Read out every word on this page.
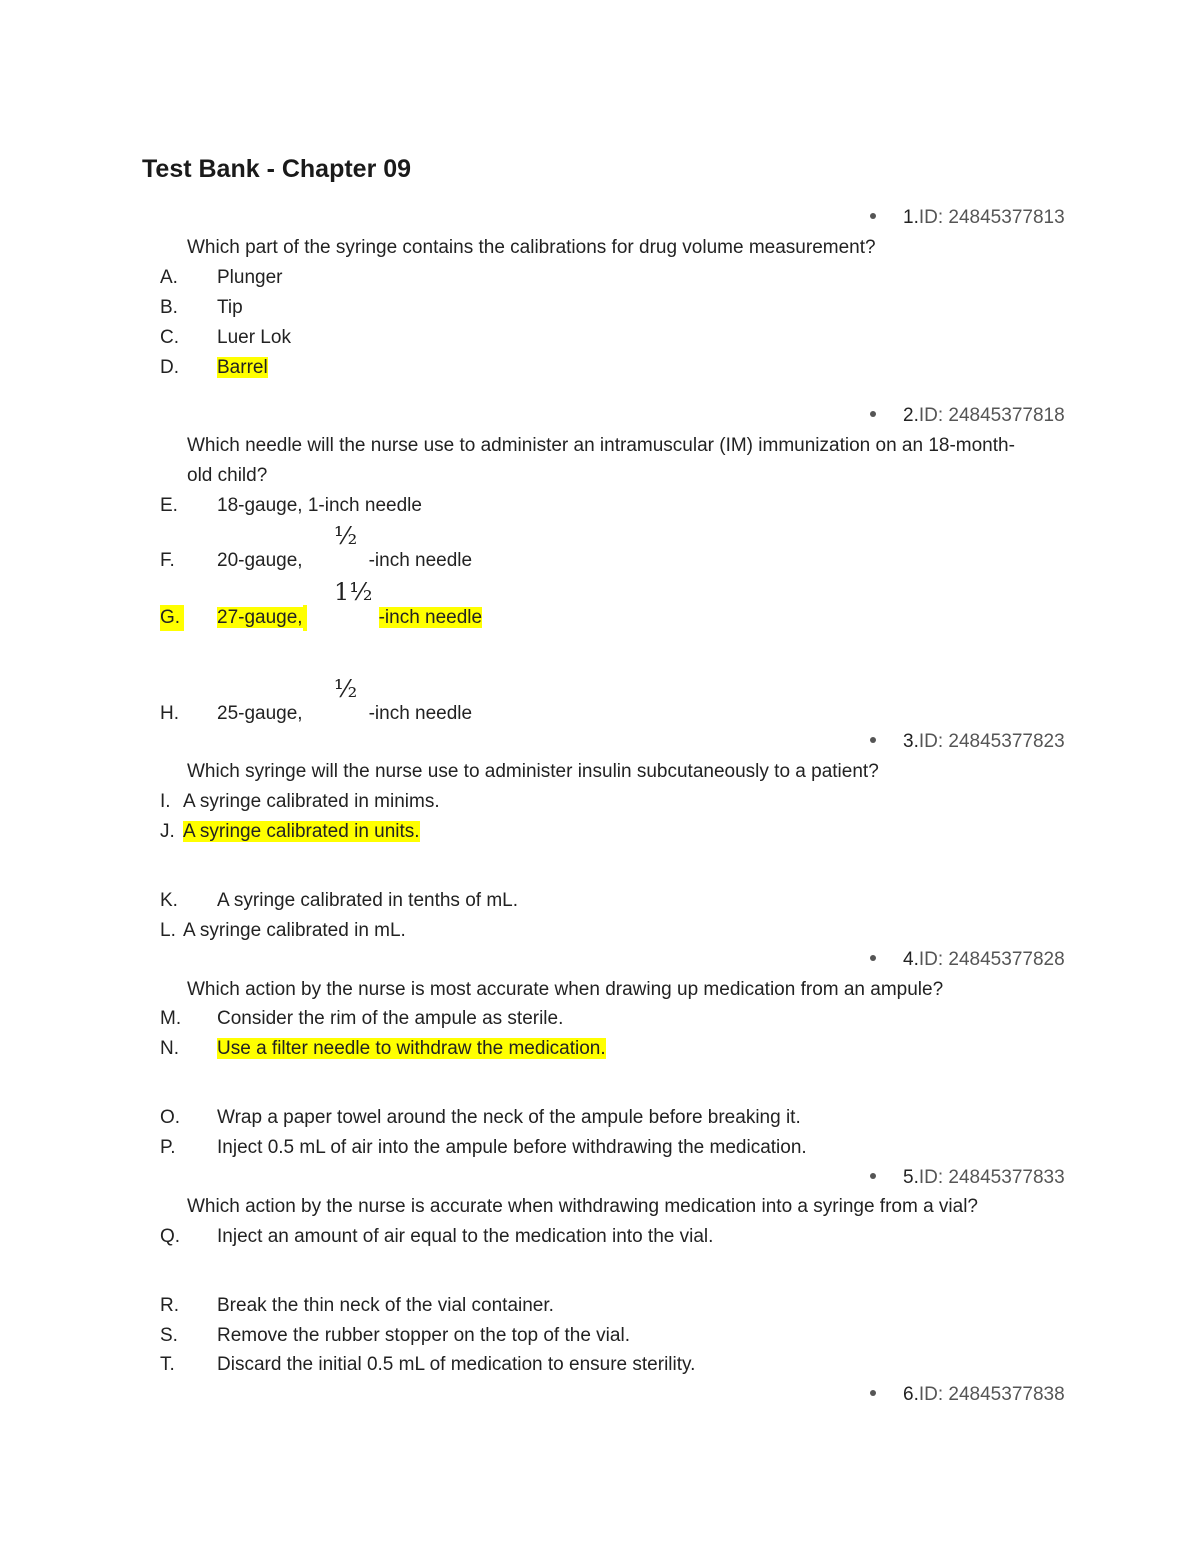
Test Bank - Chapter 09
1.ID: 24845377813
Which part of the syringe contains the calibrations for drug volume measurement?
A. Plunger
B. Tip
C. Luer Lok
D. Barrel
2.ID: 24845377818
Which needle will the nurse use to administer an intramuscular (IM) immunization on an 18-month-old child?
E. 18-gauge, 1-inch needle
½
F. 20-gauge,	-inch needle
1½
G. 27-gauge,	-inch needle
½
H. 25-gauge,	-inch needle
3.ID: 24845377823
Which syringe will the nurse use to administer insulin subcutaneously to a patient?
I. A syringe calibrated in minims.
J. A syringe calibrated in units.
K. A syringe calibrated in tenths of mL.
L. A syringe calibrated in mL.
4.ID: 24845377828
Which action by the nurse is most accurate when drawing up medication from an ampule?
M. Consider the rim of the ampule as sterile.
N. Use a filter needle to withdraw the medication.
O. Wrap a paper towel around the neck of the ampule before breaking it.
P. Inject 0.5 mL of air into the ampule before withdrawing the medication.
5.ID: 24845377833
Which action by the nurse is accurate when withdrawing medication into a syringe from a vial?
Q. Inject an amount of air equal to the medication into the vial.
R. Break the thin neck of the vial container.
S. Remove the rubber stopper on the top of the vial.
T. Discard the initial 0.5 mL of medication to ensure sterility.
6.ID: 24845377838
